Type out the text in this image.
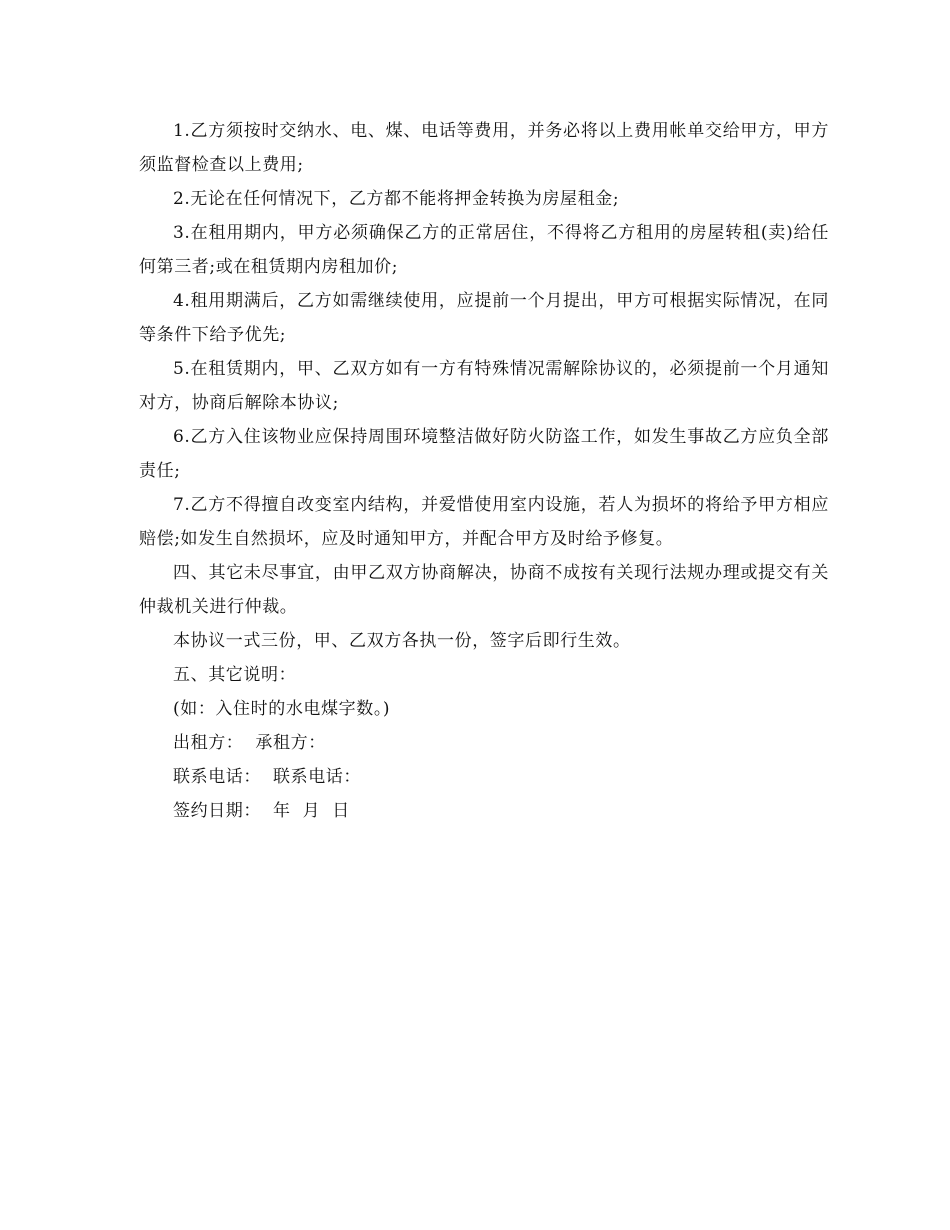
1.乙方须按时交纳水、电、煤、电话等费用，并务必将以上费用帐单交给甲方，甲方须监督检查以上费用;

2.无论在任何情况下，乙方都不能将押金转换为房屋租金;

3.在租用期内，甲方必须确保乙方的正常居住，不得将乙方租用的房屋转租(卖)给任何第三者;或在租赁期内房租加价;

4.租用期满后，乙方如需继续使用，应提前一个月提出，甲方可根据实际情况，在同等条件下给予优先;

5.在租赁期内，甲、乙双方如有一方有特殊情况需解除协议的，必须提前一个月通知对方，协商后解除本协议;

6.乙方入住该物业应保持周围环境整洁做好防火防盗工作，如发生事故乙方应负全部责任;

7.乙方不得擅自改变室内结构，并爱惜使用室内设施，若人为损坏的将给予甲方相应赔偿;如发生自然损坏，应及时通知甲方，并配合甲方及时给予修复。

四、其它未尽事宜，由甲乙双方协商解决，协商不成按有关现行法规办理或提交有关仲裁机关进行仲裁。

本协议一式三份，甲、乙双方各执一份，签字后即行生效。

五、其它说明：

(如：入住时的水电煤字数。)

出租方：  承租方：

联系电话：  联系电话：

签约日期：  年  月  日
